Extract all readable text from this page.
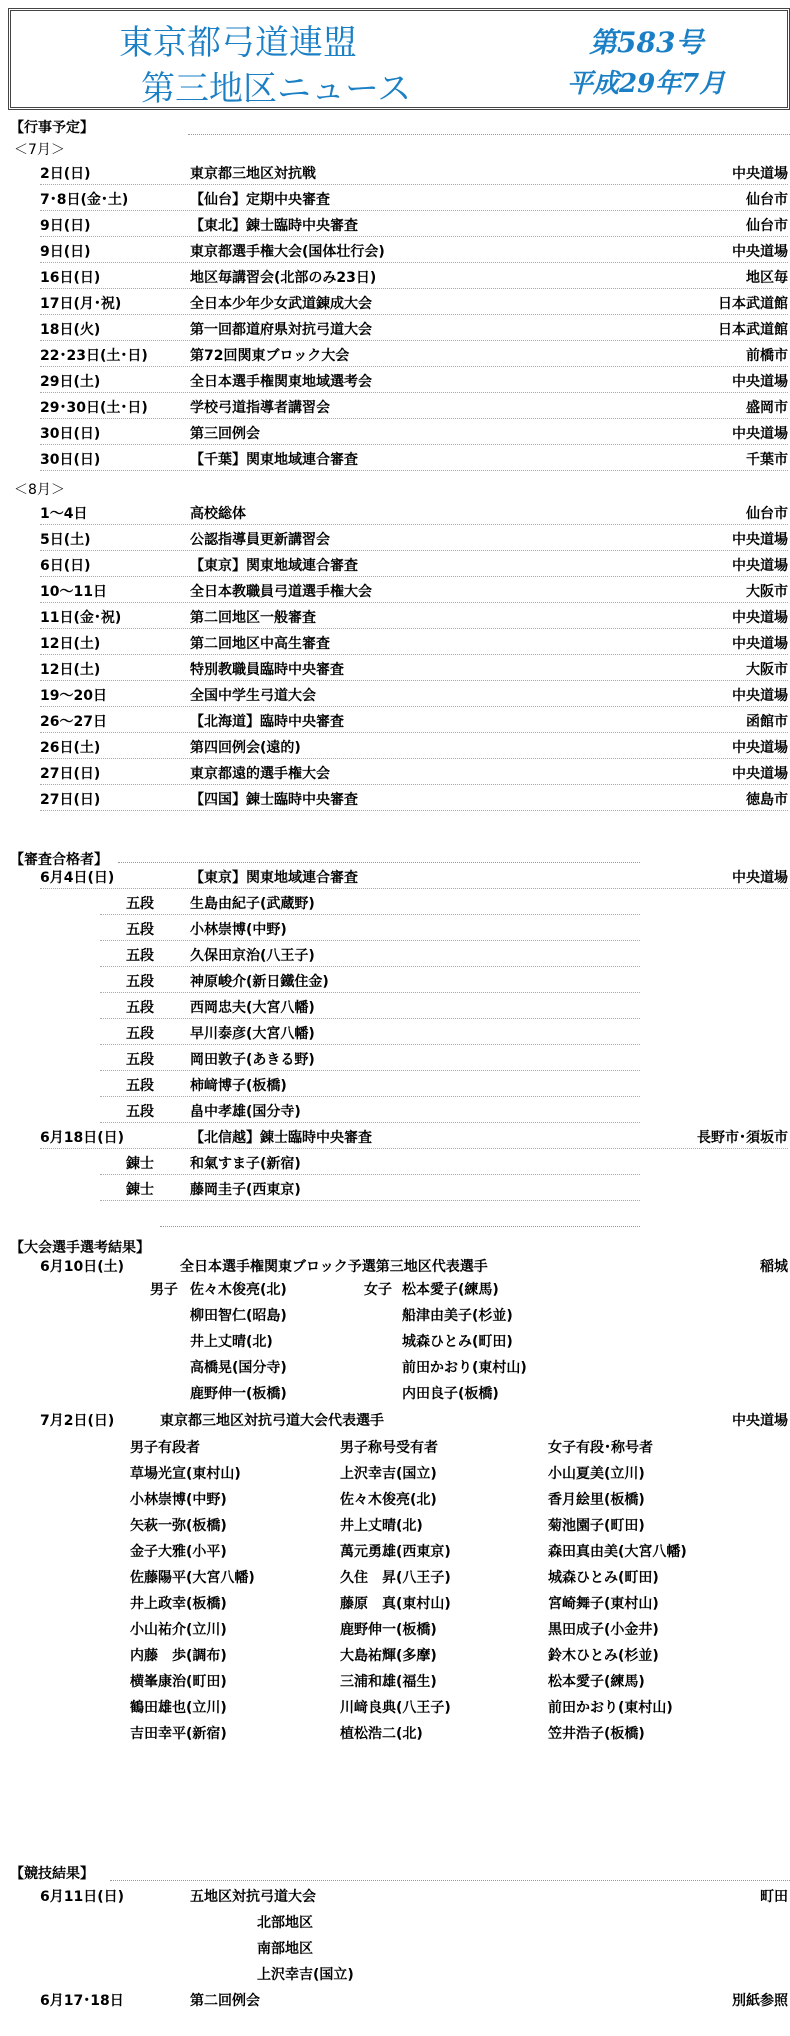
東京都弓道連盟
第三地区ニュース
第583号
平成29年7月
【行事予定】
＜7月＞
2日(日)	東京都三地区対抗戦	中央道場
7･8日(金･土)	【仙台】定期中央審査	仙台市
9日(日)	【東北】錬士臨時中央審査	仙台市
9日(日)	東京都選手権大会(国体壮行会)	中央道場
16日(日)	地区毎講習会(北部のみ23日)	地区毎
17日(月･祝)	全日本少年少女武道錬成大会	日本武道館
18日(火)	第一回都道府県対抗弓道大会	日本武道館
22･23日(土･日)	第72回関東ブロック大会	前橋市
29日(土)	全日本選手権関東地域選考会	中央道場
29･30日(土･日)	学校弓道指導者講習会	盛岡市
30日(日)	第三回例会	中央道場
30日(日)	【千葉】関東地域連合審査	千葉市
＜8月＞
1～4日	高校総体	仙台市
5日(土)	公認指導員更新講習会	中央道場
6日(日)	【東京】関東地域連合審査	中央道場
10～11日	全日本教職員弓道選手権大会	大阪市
11日(金･祝)	第二回地区一般審査	中央道場
12日(土)	第二回地区中高生審査	中央道場
12日(土)	特別教職員臨時中央審査	大阪市
19～20日	全国中学生弓道大会	中央道場
26～27日	【北海道】臨時中央審査	函館市
26日(土)	第四回例会(遠的)	中央道場
27日(日)	東京都遠的選手権大会	中央道場
27日(日)	【四国】錬士臨時中央審査	徳島市
【審査合格者】
6月4日(日)	【東京】関東地域連合審査	中央道場
五段	生島由紀子(武蔵野)
五段	小林崇博(中野)
五段	久保田京治(八王子)
五段	神原峻介(新日鐵住金)
五段	西岡忠夫(大宮八幡)
五段	早川泰彦(大宮八幡)
五段	岡田敦子(あきる野)
五段	柿﨑博子(板橋)
五段	畠中孝雄(国分寺)
6月18日(日)	【北信越】錬士臨時中央審査	長野市･須坂市
錬士	和氣すま子(新宿)
錬士	藤岡圭子(西東京)
【大会選手選考結果】
6月10日(土)	全日本選手権関東ブロック予選第三地区代表選手	稲城
男子 佐々木俊亮(北)	女子 松本愛子(練馬)
柳田智仁(昭島)	船津由美子(杉並)
井上丈晴(北)	城森ひとみ(町田)
高橋晃(国分寺)	前田かおり(東村山)
鹿野伸一(板橋)	内田良子(板橋)
7月2日(日)	東京都三地区対抗弓道大会代表選手	中央道場
男子有段者	男子称号受有者	女子有段･称号者
草場光宣(東村山)	上沢幸吉(国立)	小山夏美(立川)
小林崇博(中野)	佐々木俊亮(北)	香月絵里(板橋)
矢萩一弥(板橋)	井上丈晴(北)	菊池園子(町田)
金子大雅(小平)	萬元勇雄(西東京)	森田真由美(大宮八幡)
佐藤陽平(大宮八幡)	久住　昇(八王子)	城森ひとみ(町田)
井上政幸(板橋)	藤原　真(東村山)	宮崎舞子(東村山)
小山祐介(立川)	鹿野伸一(板橋)	黒田成子(小金井)
内藤　歩(調布)	大島祐輝(多摩)	鈴木ひとみ(杉並)
横峯康治(町田)	三浦和雄(福生)	松本愛子(練馬)
鶴田雄也(立川)	川﨑良典(八王子)	前田かおり(東村山)
吉田幸平(新宿)	植松浩二(北)	笠井浩子(板橋)
【競技結果】
6月11日(日)	五地区対抗弓道大会	町田
北部地区
南部地区
上沢幸吉(国立)
6月17･18日	第二回例会	別紙参照
